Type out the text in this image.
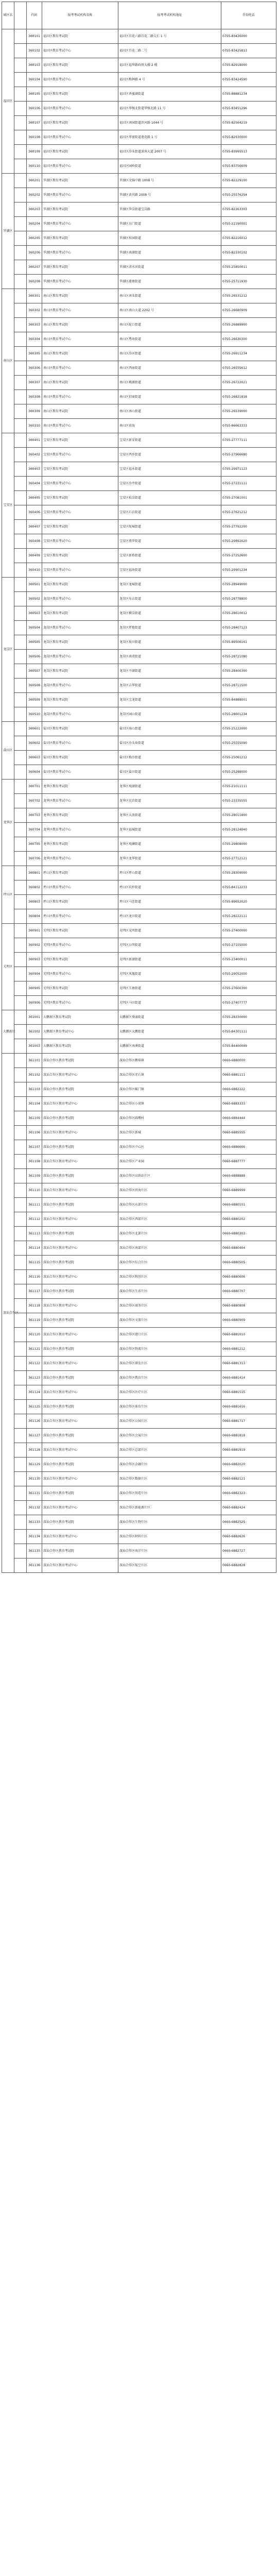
城区名		代码	报考考试机构名称	报考考试机构地址	咨询电话
福田区		360101	福田区教育考试院	福田区百花六路百花二路交汇 1 号	0755-83426000
		360102	福田区教育考试中心	福田区百花二路二号	0755-83425813
		360103	福田区教育考试院	福田区福华路政府大楼 2 楼	0755-82918000
		360104	福田区教育考试中心	福田区梅林路 4 号	0755-83424590
		360105	福田区教育考试院	福田区香蜜湖街道	0755-88881234
		360106	福田区教育考试中心	福田区华强北街道华强北路 11 号	0755-83451296
		360107	福田区教育考试院	福田区南园街道滨河路 1044 号	0755-82564219
		360108	福田区教育考试中心	福田区华富街道莲花路 1 号	0755-82930000
		360109	福田区教育考试院	福田区沙头街道深南大道 2007 号	0755-83995513
		360110	福田区教育考试中心	福田区园岭街道	0755-83756609
罗湖区		360201	罗湖区教育考试院	罗湖区文锦中路 1008 号	0755-82229100
		360202	罗湖区教育考试中心	罗湖区黄贝路 2008 号	0755-25576254
		360203	罗湖区教育考试院	罗湖区笋岗街道宝岗路	0755-82263303
		360204	罗湖区教育考试中心	罗湖区东门街道	0755-22190001
		360205	罗湖区教育考试院	罗湖区桂园街道	0755-82216012
		360206	罗湖区教育考试中心	罗湖区南湖街道	0755-82330102
		360207	罗湖区教育考试院	罗湖区清水河街道	0755-25850011
		360208	罗湖区教育考试中心	罗湖区莲塘街道	0755-25711930
南山区		360301	南山区教育考试院	南山区南头街道	0755-26531212
		360302	南山区教育考试中心	南山区南山大道 2202 号	0755-26680909
		360303	南山区教育考试院	南山区蛇口街道	0755-26889900
		360304	南山区教育考试中心	南山区粤海街道	0755-26630300
		360305	南山区教育考试院	南山区沙河街道	0755-26911234
		360306	南山区教育考试中心	南山区西丽街道	0755-26555612
		360307	南山区教育考试院	南山区桃源街道	0755-26722021
		360308	南山区教育考试中心	南山区招商街道	0755-26821818
		360309	南山区教育考试院	南山区南山街道	0755-26539000
		360310	南山区教育考试中心	南山区前海	0755-86663333
宝安区		360401	宝安区教育考试院	宝安区新安街道	0755-27777111
		360402	宝安区教育考试中心	宝安区西乡街道	0755-27966680
		360403	宝安区教育考试院	宝安区福永街道	0755-29971123
		360404	宝安区教育考试中心	宝安区沙井街道	0755-27231111
		360405	宝安区教育考试院	宝安区松岗街道	0755-27081001
		360406	宝安区教育考试中心	宝安区石岩街道	0755-27621212
		360407	宝安区教育考试院	宝安区航城街道	0755-27792200
		360408	宝安区教育考试中心	宝安区燕罗街道	0755-29892020
		360409	宝安区教育考试院	宝安区新桥街道	0755-27252600
		360410	宝安区教育考试中心	宝安区福海街道	0755-29901234
龙岗区		360501	龙岗区教育考试院	龙岗区龙城街道	0755-28949000
		360502	龙岗区教育考试中心	龙岗区布吉街道	0755-28778800
		360503	龙岗区教育考试院	龙岗区横岗街道	0755-28610012
		360504	龙岗区教育考试中心	龙岗区坪地街道	0755-28407123
		360505	龙岗区教育考试院	龙岗区坂田街道	0755-89506161
		360506	龙岗区教育考试中心	龙岗区南湾街道	0755-28721080
		360507	龙岗区教育考试院	龙岗区平湖街道	0755-28400300
		360508	龙岗区教育考试中心	龙岗区吉华街道	0755-28711500
		360509	龙岗区教育考试院	龙岗区宝龙街道	0755-84888001
		360510	龙岗区教育考试中心	龙岗区园山街道	0755-28601234
盐田区		360601	盐田区教育考试院	盐田区海山街道	0755-25222000
		360602	盐田区教育考试中心	盐田区沙头角街道	0755-25555090
		360603	盐田区教育考试院	盐田区梅沙街道	0755-25061212
		360604	盐田区教育考试中心	盐田区盐田街道	0755-25288000
龙华区		360701	龙华区教育考试院	龙华区观湖街道	0755-21011111
		360702	龙华区教育考试中心	龙华区民治街道	0755-23335555
		360703	龙华区教育考试院	龙华区大浪街道	0755-28011800
		360704	龙华区教育考试中心	龙华区福城街道	0755-28124040
		360705	龙华区教育考试院	龙华区观澜街道	0755-29808000
		360706	龙华区教育考试中心	龙华区龙华街道	0755-27712121
坪山区		360801	坪山区教育考试院	坪山区坪山街道	0755-28309000
		360802	坪山区教育考试中心	坪山区坑梓街道	0755-84112233
		360803	坪山区教育考试院	坪山区马峦街道	0755-89652020
		360804	坪山区教育考试中心	坪山区龙田街道	0755-28222111
光明区		360901	光明区教育考试院	光明区光明街道	0755-27400000
		360902	光明区教育考试中心	光明区公明街道	0755-27155000
		360903	光明区教育考试院	光明区新湖街道	0755-23400011
		360904	光明区教育考试中心	光明区凤凰街道	0755-29052000
		360905	光明区教育考试院	光明区玉塘街道	0755-27600300
		360906	光明区教育考试中心	光明区马田街道	0755-27407777
大鹏新区		361001	大鹏新区教育考试院	大鹏新区葵涌街道	0755-28330000
		361002	大鹏新区教育考试中心	大鹏新区大鹏街道	0755-84301111
		361003	大鹏新区教育考试院	大鹏新区南澳街道	0755-84400099
深汕合作区		361101	深汕合作区教育考试院	深汕合作区鹅埠镇	0660-6880000
		361102	深汕合作区教育考试中心	深汕合作区赤石镇	0660-6881111
		361103	深汕合作区教育考试院	深汕合作区鲘门镇	0660-6882222
		361104	深汕合作区教育考试中心	深汕合作区小漠镇	0660-6883333
		361105	深汕合作区教育考试院	深汕合作区圆墩村	0660-6884444
		361106	深汕合作区教育考试中心	深汕合作区新城	0660-6885555
		361107	深汕合作区教育考试院	深汕合作区中心区	0660-6886666
		361108	深汕合作区教育考试中心	深汕合作区产业园	0660-6887777
		361109	深汕合作区教育考试院	深汕合作区高铁站片区	0660-6888888
		361110	深汕合作区教育考试中心	深汕合作区滨海片区	0660-6889999
		361111	深汕合作区教育考试院	深汕合作区东部片区	0660-6880101
		361112	深汕合作区教育考试中心	深汕合作区西部片区	0660-6880202
		361113	深汕合作区教育考试院	深汕合作区北部片区	0660-6880303
		361114	深汕合作区教育考试中心	深汕合作区南部片区	0660-6880404
		361115	深汕合作区教育考试院	深汕合作区综合片区	0660-6880505
		361116	深汕合作区教育考试中心	深汕合作区科创片区	0660-6880606
		361117	深汕合作区教育考试院	深汕合作区生活片区	0660-6880707
		361118	深汕合作区教育考试中心	深汕合作区商务片区	0660-6880808
		361119	深汕合作区教育考试院	深汕合作区文旅片区	0660-6880909
		361120	深汕合作区教育考试中心	深汕合作区港口片区	0660-6881010
		361121	深汕合作区教育考试院	深汕合作区物流片区	0660-6881212
		361122	深汕合作区教育考试中心	深汕合作区研发片区	0660-6881313
		361123	深汕合作区教育考试院	深汕合作区教育片区	0660-6881414
		361124	深汕合作区教育考试中心	深汕合作区医疗片区	0660-6881515
		361125	深汕合作区教育考试院	深汕合作区体育片区	0660-6881616
		361126	深汕合作区教育考试中心	深汕合作区公园片区	0660-6881717
		361127	深汕合作区教育考试院	深汕合作区会展片区	0660-6881818
		361128	深汕合作区教育考试中心	深汕合作区总部片区	0660-6881919
		361129	深汕合作区教育考试院	深汕合作区金融片区	0660-6882020
		361130	深汕合作区教育考试中心	深汕合作区数据片区	0660-6882121
		361131	深汕合作区教育考试院	深汕合作区智造片区	0660-6882323
		361132	深汕合作区教育考试中心	深汕合作区新能源片区	0660-6882424
		361133	深汕合作区教育考试院	深汕合作区生物片区	0660-6882525
		361134	深汕合作区教育考试中心	深汕合作区材料片区	0660-6882626
		361135	深汕合作区教育考试院	深汕合作区海洋片区	0660-6882727
		361136	深汕合作区教育考试中心	深汕合作区航空片区	0660-6882828
